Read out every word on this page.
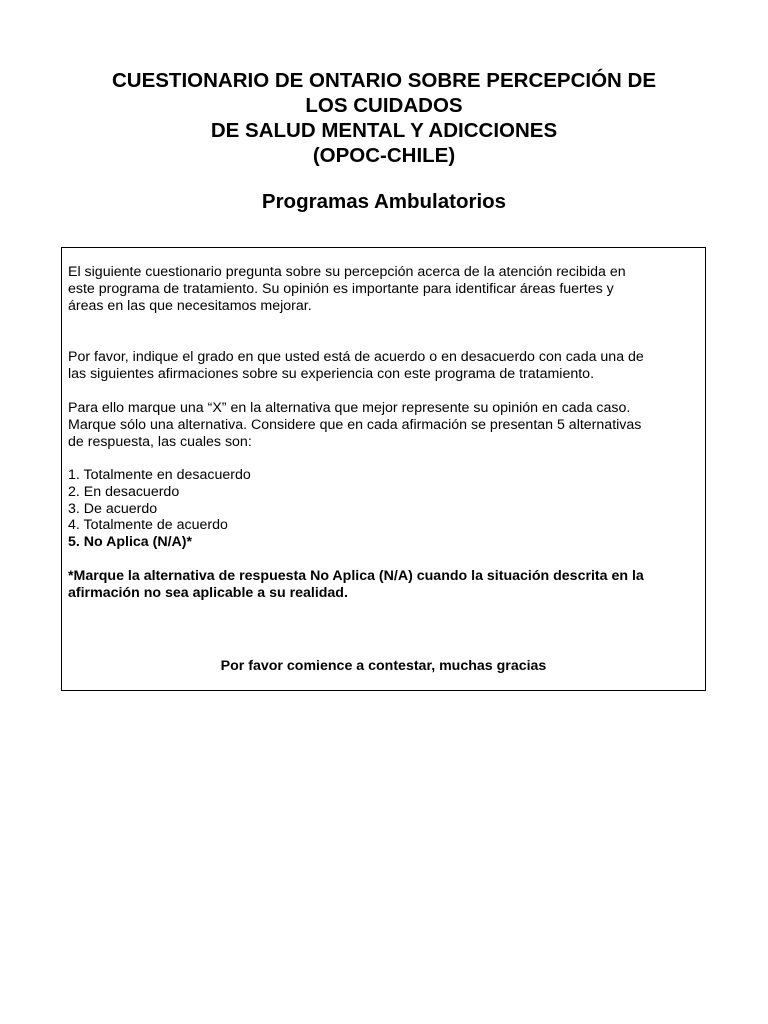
CUESTIONARIO DE ONTARIO SOBRE PERCEPCIÓN DE
LOS CUIDADOS
DE SALUD MENTAL Y ADICCIONES
(OPOC-CHILE)
Programas Ambulatorios
El siguiente cuestionario pregunta sobre su percepción acerca de la atención recibida en
este programa de tratamiento. Su opinión es importante para identificar áreas fuertes y
áreas en las que necesitamos mejorar.
Por favor, indique el grado en que usted está de acuerdo o en desacuerdo con cada una de
las siguientes afirmaciones sobre su experiencia con este programa de tratamiento.
Para ello marque una “X” en la alternativa que mejor represente su opinión en cada caso.
Marque sólo una alternativa. Considere que en cada afirmación se presentan 5 alternativas
de respuesta, las cuales son:
1. Totalmente en desacuerdo
2. En desacuerdo
3. De acuerdo
4. Totalmente de acuerdo
5. No Aplica (N/A)*
*Marque la alternativa de respuesta No Aplica (N/A) cuando la situación descrita en la
afirmación no sea aplicable a su realidad.
Por favor comience a contestar, muchas gracias
